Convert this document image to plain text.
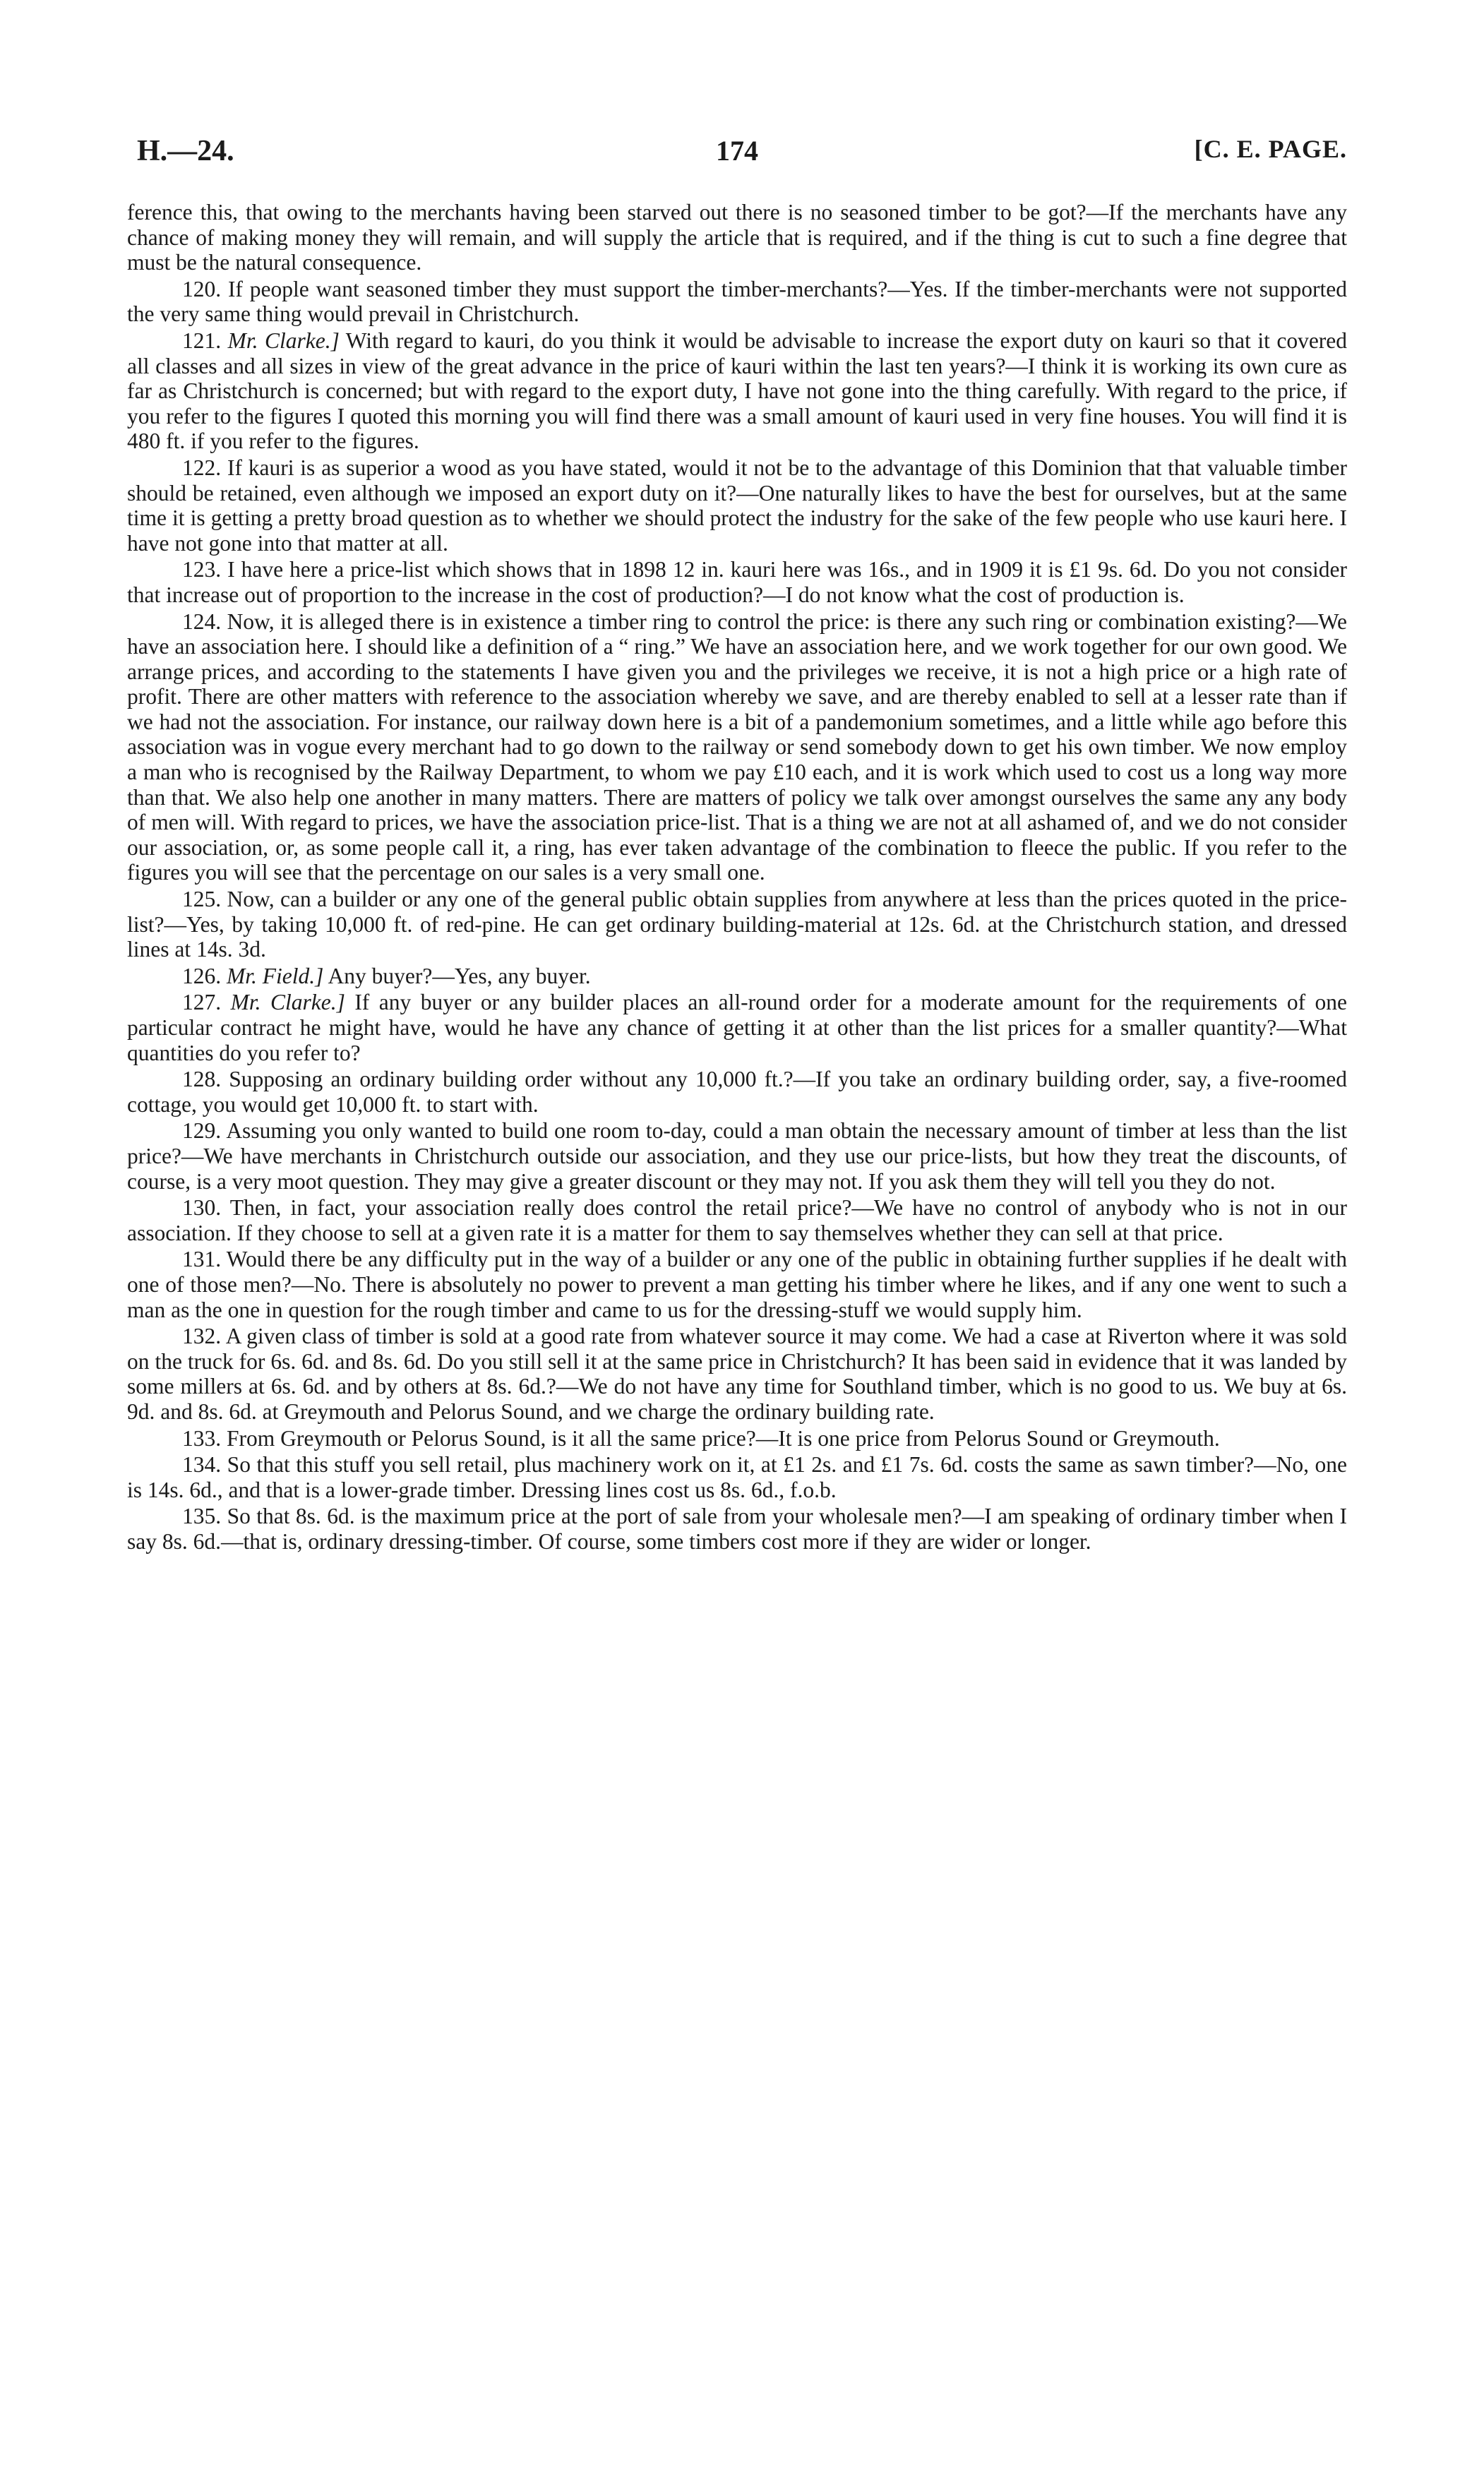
H.—24.	174	[C. E. PAGE.

ference this, that owing to the merchants having been starved out there is no seasoned timber to be got?—If the merchants have any chance of making money they will remain, and will supply the article that is required, and if the thing is cut to such a fine degree that must be the natural consequence.

120. If people want seasoned timber they must support the timber-merchants?—Yes. If the timber-merchants were not supported the very same thing would prevail in Christchurch.

121. Mr. Clarke.] With regard to kauri, do you think it would be advisable to increase the export duty on kauri so that it covered all classes and all sizes in view of the great advance in the price of kauri within the last ten years?—I think it is working its own cure as far as Christchurch is concerned; but with regard to the export duty, I have not gone into the thing carefully. With regard to the price, if you refer to the figures I quoted this morning you will find there was a small amount of kauri used in very fine houses. You will find it is 480 ft. if you refer to the figures.

122. If kauri is as superior a wood as you have stated, would it not be to the advantage of this Dominion that that valuable timber should be retained, even although we imposed an export duty on it?—One naturally likes to have the best for ourselves, but at the same time it is getting a pretty broad question as to whether we should protect the industry for the sake of the few people who use kauri here. I have not gone into that matter at all.

123. I have here a price-list which shows that in 1898 12 in. kauri here was 16s., and in 1909 it is £1 9s. 6d. Do you not consider that increase out of proportion to the increase in the cost of production?—I do not know what the cost of production is.

124. Now, it is alleged there is in existence a timber ring to control the price: is there any such ring or combination existing?—We have an association here. I should like a definition of a “ ring.” We have an association here, and we work together for our own good. We arrange prices, and according to the statements I have given you and the privileges we receive, it is not a high price or a high rate of profit. There are other matters with reference to the association whereby we save, and are thereby enabled to sell at a lesser rate than if we had not the association. For instance, our railway down here is a bit of a pandemonium sometimes, and a little while ago before this association was in vogue every merchant had to go down to the railway or send somebody down to get his own timber. We now employ a man who is recognised by the Railway Department, to whom we pay £10 each, and it is work which used to cost us a long way more than that. We also help one another in many matters. There are matters of policy we talk over amongst ourselves the same any any body of men will. With regard to prices, we have the association price-list. That is a thing we are not at all ashamed of, and we do not consider our association, or, as some people call it, a ring, has ever taken advantage of the combination to fleece the public. If you refer to the figures you will see that the percentage on our sales is a very small one.

125. Now, can a builder or any one of the general public obtain supplies from anywhere at less than the prices quoted in the price-list?—Yes, by taking 10,000 ft. of red-pine. He can get ordinary building-material at 12s. 6d. at the Christchurch station, and dressed lines at 14s. 3d.

126. Mr. Field.] Any buyer?—Yes, any buyer.

127. Mr. Clarke.] If any buyer or any builder places an all-round order for a moderate amount for the requirements of one particular contract he might have, would he have any chance of getting it at other than the list prices for a smaller quantity?—What quantities do you refer to?

128. Supposing an ordinary building order without any 10,000 ft.?—If you take an ordinary building order, say, a five-roomed cottage, you would get 10,000 ft. to start with.

129. Assuming you only wanted to build one room to-day, could a man obtain the necessary amount of timber at less than the list price?—We have merchants in Christchurch outside our association, and they use our price-lists, but how they treat the discounts, of course, is a very moot question. They may give a greater discount or they may not. If you ask them they will tell you they do not.

130. Then, in fact, your association really does control the retail price?—We have no control of anybody who is not in our association. If they choose to sell at a given rate it is a matter for them to say themselves whether they can sell at that price.

131. Would there be any difficulty put in the way of a builder or any one of the public in obtaining further supplies if he dealt with one of those men?—No. There is absolutely no power to prevent a man getting his timber where he likes, and if any one went to such a man as the one in question for the rough timber and came to us for the dressing-stuff we would supply him.

132. A given class of timber is sold at a good rate from whatever source it may come. We had a case at Riverton where it was sold on the truck for 6s. 6d. and 8s. 6d. Do you still sell it at the same price in Christchurch? It has been said in evidence that it was landed by some millers at 6s. 6d. and by others at 8s. 6d.?—We do not have any time for Southland timber, which is no good to us. We buy at 6s. 9d. and 8s. 6d. at Greymouth and Pelorus Sound, and we charge the ordinary building rate.

133. From Greymouth or Pelorus Sound, is it all the same price?—It is one price from Pelorus Sound or Greymouth.

134. So that this stuff you sell retail, plus machinery work on it, at £1 2s. and £1 7s. 6d. costs the same as sawn timber?—No, one is 14s. 6d., and that is a lower-grade timber. Dressing lines cost us 8s. 6d., f.o.b.

135. So that 8s. 6d. is the maximum price at the port of sale from your wholesale men?—I am speaking of ordinary timber when I say 8s. 6d.—that is, ordinary dressing-timber. Of course, some timbers cost more if they are wider or longer.
